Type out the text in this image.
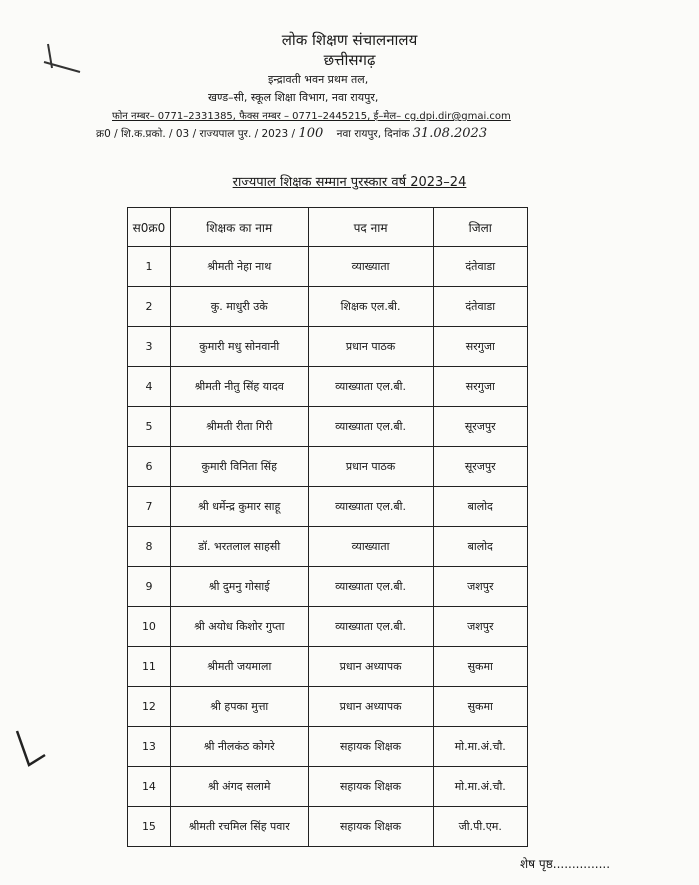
लोक शिक्षण संचालनालय
छत्तीसगढ़
इन्द्रावती भवन प्रथम तल,
खण्ड–सी, स्कूल शिक्षा विभाग, नवा रायपुर,
फोन नम्बर– 0771–2331385, फैक्स नम्बर – 0771–2445215, ई–मेल– cg.dpi.dir@gmai.com
क्र0 / शि.क.प्रको. / 03 / राज्यपाल पुर. / 2023 / 100 नवा रायपुर, दिनांक 31.08.2023
राज्यपाल शिक्षक सम्मान पुरस्कार वर्ष 2023–24
स0क्र0	शिक्षक का नाम	पद नाम	जिला
1	श्रीमती नेहा नाथ	व्याख्याता	दंतेवाडा
2	कु. माधुरी उके	शिक्षक एल.बी.	दंतेवाडा
3	कुमारी मधु सोनवानी	प्रधान पाठक	सरगुजा
4	श्रीमती नीतु सिंह यादव	व्याख्याता एल.बी.	सरगुजा
5	श्रीमती रीता गिरी	व्याख्याता एल.बी.	सूरजपुर
6	कुमारी विनिता सिंह	प्रधान पाठक	सूरजपुर
7	श्री धर्मेन्द्र कुमार साहू	व्याख्याता एल.बी.	बालोद
8	डॉ. भरतलाल साहसी	व्याख्याता	बालोद
9	श्री दुमनु गोसाई	व्याख्याता एल.बी.	जशपुर
10	श्री अयोध किशोर गुप्ता	व्याख्याता एल.बी.	जशपुर
11	श्रीमती जयमाला	प्रधान अध्यापक	सुकमा
12	श्री हपका मुत्ता	प्रधान अध्यापक	सुकमा
13	श्री नीलकंठ कोगरे	सहायक शिक्षक	मो.मा.अं.चौ.
14	श्री अंगद सलामे	सहायक शिक्षक	मो.मा.अं.चौ.
15	श्रीमती रचमिल सिंह पवार	सहायक शिक्षक	जी.पी.एम.
शेष पृष्ठ...............
